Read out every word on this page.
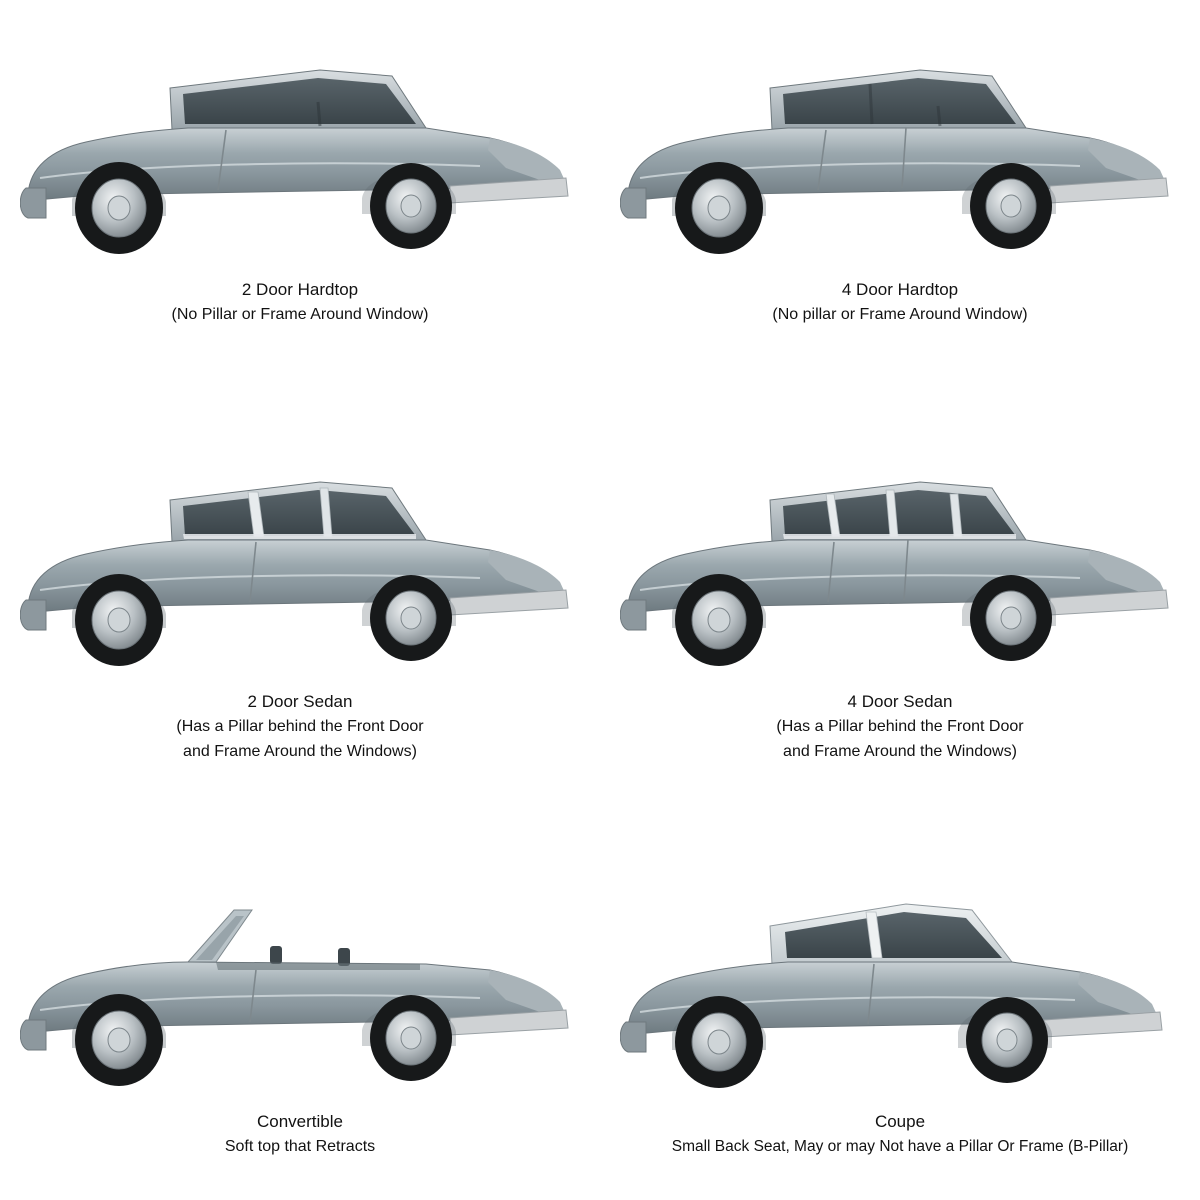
2 Door Hardtop
(No Pillar or Frame Around Window)
4 Door Hardtop
(No pillar or Frame Around Window)
2 Door Sedan
(Has a Pillar behind the Front Door
and Frame Around the Windows)
4 Door Sedan
(Has a Pillar behind the Front Door
and Frame Around the Windows)
Convertible
Soft top that Retracts
Coupe
Small Back Seat, May or may Not have a Pillar Or Frame (B-Pillar)
